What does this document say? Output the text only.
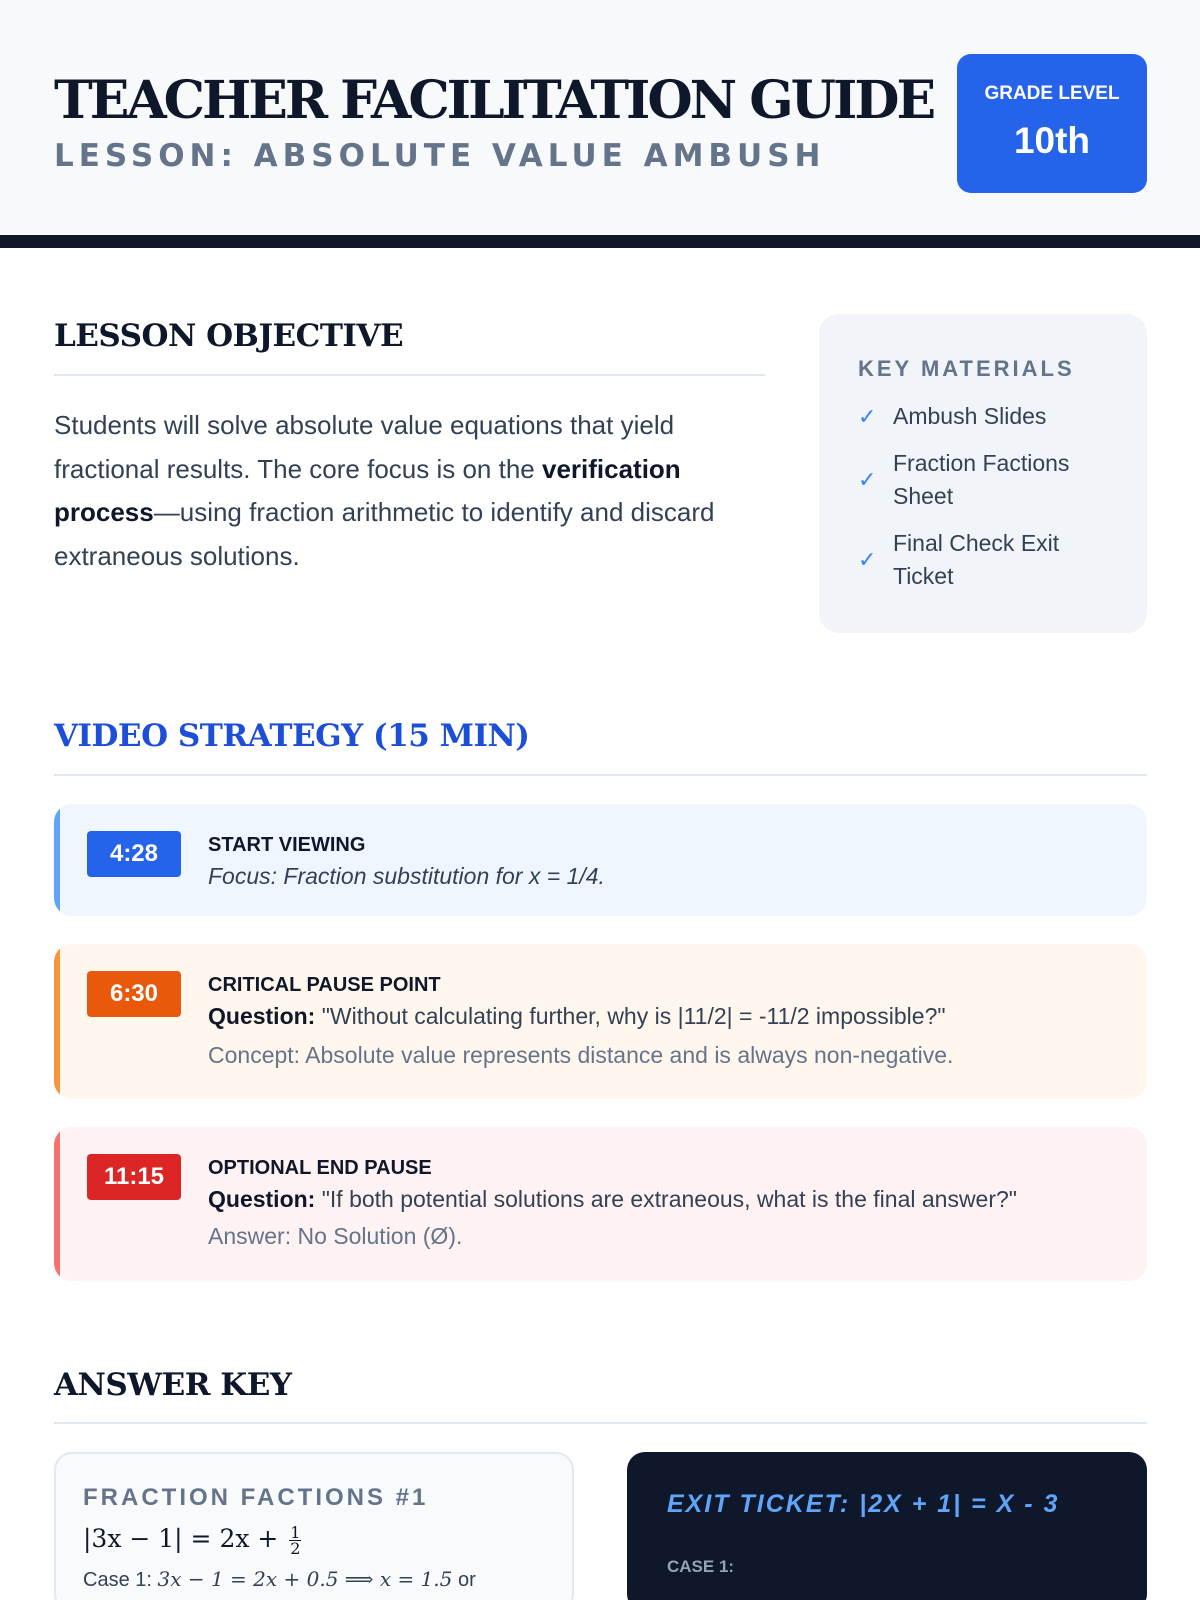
TEACHER FACILITATION GUIDE
LESSON: ABSOLUTE VALUE AMBUSH
GRADE LEVEL
10th
LESSON OBJECTIVE

Students will solve absolute value equations that yield fractional results. The core focus is on the verification process—using fraction arithmetic to identify and discard extraneous solutions.

KEY MATERIALS
✓ Ambush Slides
✓
Fraction Factions Sheet
✓
Final Check Exit Ticket
VIDEO STRATEGY (15 MIN)
4:28	START VIEWING
Focus: Fraction substitution for x = 1/4.
6:30	CRITICAL PAUSE POINT
Question: "Without calculating further, why is |11/2| = -11/2 impossible?"
Concept: Absolute value represents distance and is always non-negative.
11:15	OPTIONAL END PAUSE
Question: "If both potential solutions are extraneous, what is the final answer?"
Answer: No Solution (Ø).
ANSWER KEY
FRACTION FACTIONS #1
$|3x - 1| = 2x + \frac{1}{2}$
Case 1: 3x − 1 = 2x + 0.5 ⟹ x = 1.5 or
EXIT TICKET: |2X + 1| = X - 3
CASE 1:
